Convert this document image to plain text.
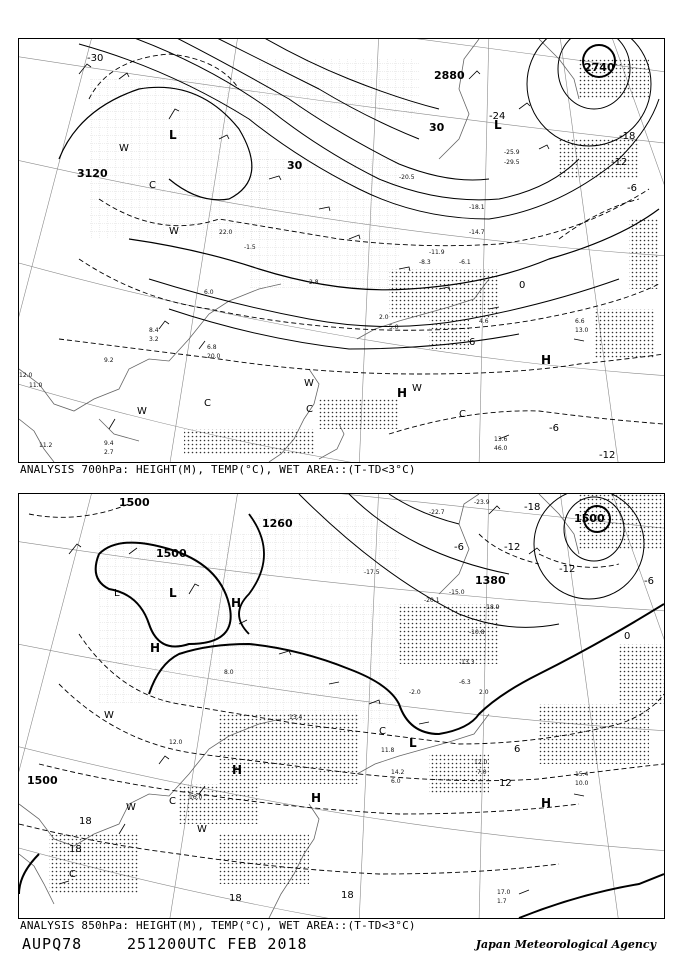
2740
2880
30
3120
30
-30
-24
-18
-12
-6
0
6
-12
-6
L
L
H
H
W
W
W	W
C
C
C
W	C
-25.9
-29.5
-18.1
-20.5
-14.7
-11.9
-8.3	-6.1
2.0
5.0
4.6	6.6
13.0
13.6
46.0
9.2
11.0
12.0
6.8
20.0
8.4
3.2
11.2	9.4
2.7
6.0
22.0
-1.5
2.8
ANALYSIS 700hPa: HEIGHT(M), TEMP(°C), WET AREA::(T-TD<3°C)
1500
1500
1500
1380
1260
1500
-18
-12
-6
0
6
12
18
-12
-6
18
18	18
L
H
H
L
H
H
H
W
W
W
C
C
C
L
-23.9
-22.7
-15.0
-17.5
-10.8
-20.1
-18.9
-13.3
-6.3
2.0
14.2
6.0
12.0
7.0	15.4
10.0
17.0
1.7
16.0
12.0
8.0
13.4
-2.0
11.8
ANALYSIS 850hPa: HEIGHT(M), TEMP(°C), WET AREA::(T-TD<3°C)
AUPQ78	251200UTC FEB 2018	Japan Meteorological Agency
